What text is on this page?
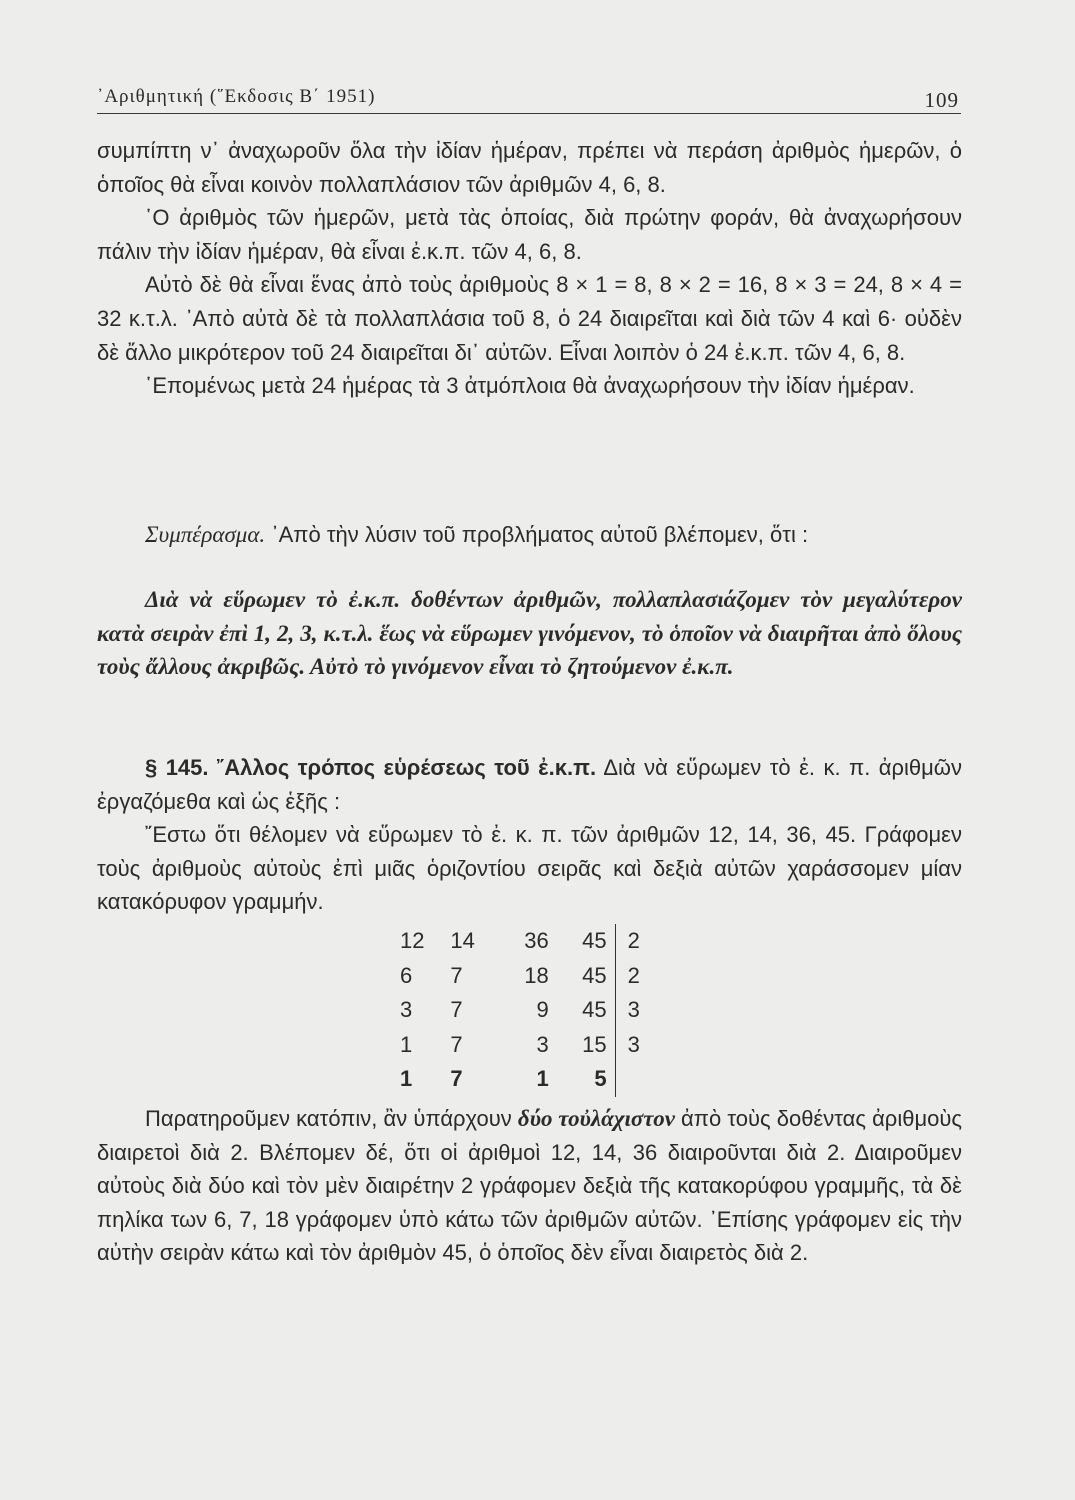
᾿Αριθμητική (῞Εκδοσις Β΄ 1951)	109

συμπίπτη ν᾿ ἀναχωροῦν ὅλα τὴν ἰδίαν ἡμέραν, πρέπει νὰ περάση ἀριθμὸς ἡμερῶν, ὁ ὁποῖος θὰ εἶναι κοινὸν πολλαπλάσιον τῶν ἀριθμῶν 4, 6, 8.

῾Ο ἀριθμὸς τῶν ἡμερῶν, μετὰ τὰς ὁποίας, διὰ πρώτην φοράν, θὰ ἀναχωρήσουν πάλιν τὴν ἰδίαν ἡμέραν, θὰ εἶναι ἐ.κ.π. τῶν 4, 6, 8.

Αὐτὸ δὲ θὰ εἶναι ἕνας ἀπὸ τοὺς ἀριθμοὺς 8 × 1 = 8, 8 × 2 = 16, 8 × 3 = 24, 8 × 4 = 32 κ.τ.λ. ᾿Απὸ αὐτὰ δὲ τὰ πολλαπλάσια τοῦ 8, ὁ 24 διαιρεῖται καὶ διὰ τῶν 4 καὶ 6· οὐδὲν δὲ ἄλλο μικρότερον τοῦ 24 διαιρεῖται δι᾿ αὐτῶν. Εἶναι λοιπὸν ὁ 24 ἐ.κ.π. τῶν 4, 6, 8.

῾Επομένως μετὰ 24 ἡμέρας τὰ 3 ἀτμόπλοια θὰ ἀναχωρήσουν τὴν ἰδίαν ἡμέραν.

Συμπέρασμα. ᾿Απὸ τὴν λύσιν τοῦ προβλήματος αὐτοῦ βλέπομεν, ὅτι :

Διὰ νὰ εὕρωμεν τὸ ἐ.κ.π. δοθέντων ἀριθμῶν, πολλαπλασιάζομεν τὸν μεγαλύτερον κατὰ σειρὰν ἐπὶ 1, 2, 3, κ.τ.λ. ἕως νὰ εὕρωμεν γινόμενον, τὸ ὁποῖον νὰ διαιρῆται ἀπὸ ὅλους τοὺς ἄλλους ἀκριβῶς. Αὐτὸ τὸ γινόμενον εἶναι τὸ ζητούμενον ἐ.κ.π.

§ 145. ῎Αλλος τρόπος εὑρέσεως τοῦ ἐ.κ.π. Διὰ νὰ εὕρωμεν τὸ ἐ. κ. π. ἀριθμῶν ἐργαζόμεθα καὶ ὡς ἑξῆς :

῎Εστω ὅτι θέλομεν νὰ εὕρωμεν τὸ ἐ. κ. π. τῶν ἀριθμῶν 12, 14, 36, 45. Γράφομεν τοὺς ἀριθμοὺς αὐτοὺς ἐπὶ μιᾶς ὁριζοντίου σειρᾶς καὶ δεξιὰ αὐτῶν χαράσσομεν μίαν κατακόρυφον γραμμήν.

12	14	36	45	2
6	7	18	45	2
3	7	9	45	3
1	7	3	15	3
1	7	1	5	

Παρατηροῦμεν κατόπιν, ἂν ὑπάρχουν δύο τοὐλάχιστον ἀπὸ τοὺς δοθέντας ἀριθμοὺς διαιρετοὶ διὰ 2. Βλέπομεν δέ, ὅτι οἱ ἀριθμοὶ 12, 14, 36 διαιροῦνται διὰ 2. Διαιροῦμεν αὐτοὺς διὰ δύο καὶ τὸν μὲν διαιρέτην 2 γράφομεν δεξιὰ τῆς κατακορύφου γραμμῆς, τὰ δὲ πηλίκα των 6, 7, 18 γράφομεν ὑπὸ κάτω τῶν ἀριθμῶν αὐτῶν. ᾿Επίσης γράφομεν εἰς τὴν αὐτὴν σειρὰν κάτω καὶ τὸν ἀριθμὸν 45, ὁ ὁποῖος δὲν εἶναι διαιρετὸς διὰ 2.
